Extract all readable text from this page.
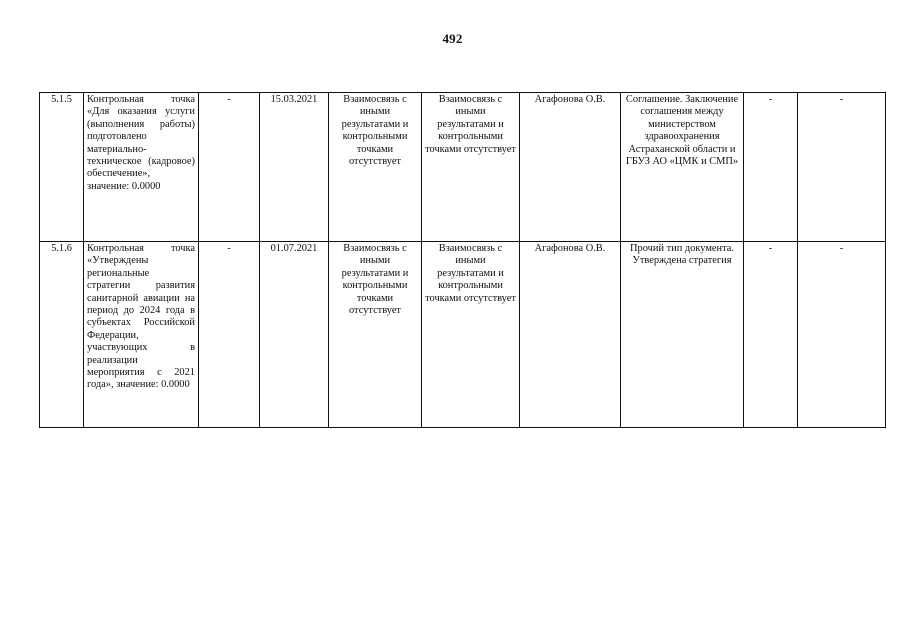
492
5.1.5	Контрольная точка «Для оказания услуги (выполнения работы) подготовлено материально-техническое (кадровое) обеспечение», значение: 0.0000	-	15.03.2021	Взаимосвязь с иными результатами и контрольными точками отсутствует	Взаимосвязь с иными результатами и контрольными точками отсутствует	Агафонова О.В.	Соглашение. Заключение соглашения между министерством здравоохранения Астраханской области и ГБУЗ АО «ЦМК и СМП»	-	-
5.1.6	Контрольная точка «Утверждены региональные стратегии развития санитарной авиации на период до 2024 года в субъектах Российской Федерации, участвующих в реализации мероприятия с 2021 года», значение: 0.0000	-	01.07.2021	Взаимосвязь с иными результатами и контрольными точками отсутствует	Взаимосвязь с иными результатами и контрольными точками отсутствует	Агафонова О.В.	Прочий тип документа. Утверждена стратегия	-	-
